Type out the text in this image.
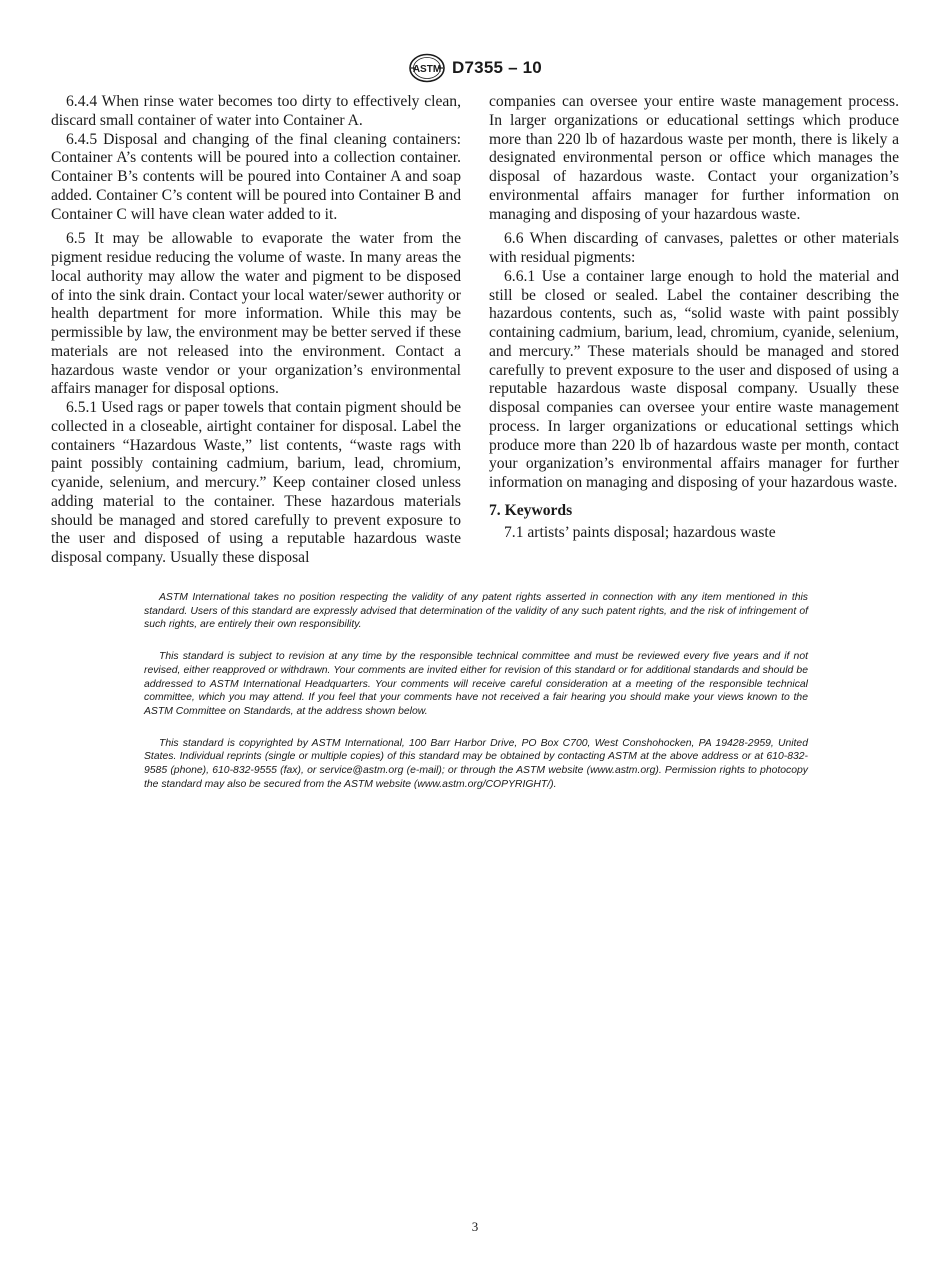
ASTM D7355 – 10

6.4.4 When rinse water becomes too dirty to effectively clean, discard small container of water into Container A.

6.4.5 Disposal and changing of the final cleaning containers: Container A’s contents will be poured into a collection container. Container B’s contents will be poured into Container A and soap added. Container C’s content will be poured into Container B and Container C will have clean water added to it.

6.5 It may be allowable to evaporate the water from the pigment residue reducing the volume of waste. In many areas the local authority may allow the water and pigment to be disposed of into the sink drain. Contact your local water/sewer authority or health department for more information. While this may be permissible by law, the environment may be better served if these materials are not released into the environment. Contact a hazardous waste vendor or your organization’s environmental affairs manager for disposal options.

6.5.1 Used rags or paper towels that contain pigment should be collected in a closeable, airtight container for disposal. Label the containers “Hazardous Waste,” list contents, “waste rags with paint possibly containing cadmium, barium, lead, chromium, cyanide, selenium, and mercury.” Keep container closed unless adding material to the container. These hazardous materials should be managed and stored carefully to prevent exposure to the user and disposed of using a reputable hazardous waste disposal company. Usually these disposal

companies can oversee your entire waste management process. In larger organizations or educational settings which produce more than 220 lb of hazardous waste per month, there is likely a designated environmental person or office which manages the disposal of hazardous waste. Contact your organization’s environmental affairs manager for further information on managing and disposing of your hazardous waste.

6.6 When discarding of canvases, palettes or other materials with residual pigments:

6.6.1 Use a container large enough to hold the material and still be closed or sealed. Label the container describing the hazardous contents, such as, “solid waste with paint possibly containing cadmium, barium, lead, chromium, cyanide, selenium, and mercury.” These materials should be managed and stored carefully to prevent exposure to the user and disposed of using a reputable hazardous waste disposal company. Usually these disposal companies can oversee your entire waste management process. In larger organizations or educational settings which produce more than 220 lb of hazardous waste per month, contact your organization’s environmental affairs manager for further information on managing and disposing of your hazardous waste.

7. Keywords

7.1 artists’ paints disposal; hazardous waste

ASTM International takes no position respecting the validity of any patent rights asserted in connection with any item mentioned in this standard. Users of this standard are expressly advised that determination of the validity of any such patent rights, and the risk of infringement of such rights, are entirely their own responsibility.

This standard is subject to revision at any time by the responsible technical committee and must be reviewed every five years and if not revised, either reapproved or withdrawn. Your comments are invited either for revision of this standard or for additional standards and should be addressed to ASTM International Headquarters. Your comments will receive careful consideration at a meeting of the responsible technical committee, which you may attend. If you feel that your comments have not received a fair hearing you should make your views known to the ASTM Committee on Standards, at the address shown below.

This standard is copyrighted by ASTM International, 100 Barr Harbor Drive, PO Box C700, West Conshohocken, PA 19428-2959, United States. Individual reprints (single or multiple copies) of this standard may be obtained by contacting ASTM at the above address or at 610-832-9585 (phone), 610-832-9555 (fax), or service@astm.org (e-mail); or through the ASTM website (www.astm.org). Permission rights to photocopy the standard may also be secured from the ASTM website (www.astm.org/COPYRIGHT/).

3
